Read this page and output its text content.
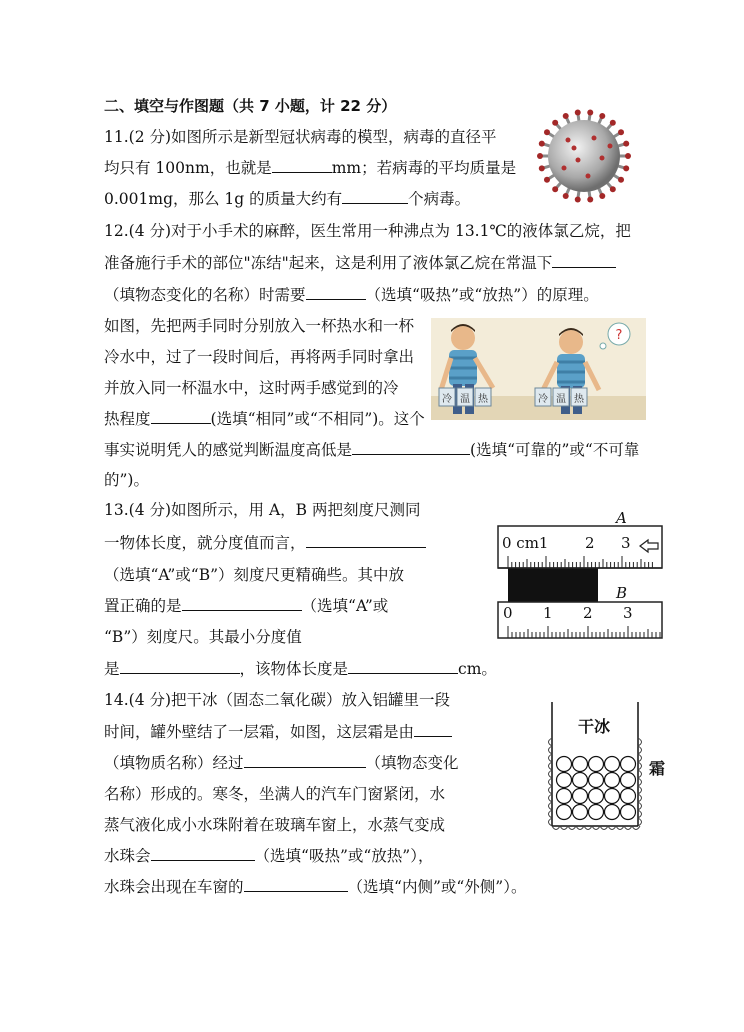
二、填空与作图题（共 7 小题，计 22 分）
11.(2 分)如图所示是新型冠状病毒的模型，病毒的直径平
均只有 100nm，也就是	mm；若病毒的平均质量是
0.001mg，那么 1g 的质量大约有	个病毒。
12.(4 分)对于小手术的麻醉，医生常用一种沸点为 13.1℃的液体氯乙烷，把
准备施行手术的部位"冻结"起来，这是利用了液体氯乙烷在常温下
（填物态变化的名称）时需要	（选填“吸热”或“放热”）的原理。
如图，先把两手同时分别放入一杯热水和一杯
冷水中，过了一段时间后，再将两手同时拿出
并放入同一杯温水中，这时两手感觉到的冷
热程度	(选填“相同”或“不相同”)。这个
事实说明凭人的感觉判断温度高低是	(选填“可靠的”或“不可靠
的”)。
冷 温 热	冷 温 热
?
13.(4 分)如图所示，用 A，B 两把刻度尺测同
一物体长度，就分度值而言，
（选填“A”或“B”）刻度尺更精确些。其中放
置正确的是	（选填“A”或
“B”）刻度尺。其最小分度值
是	，该物体长度是	cm。
A
B
0 cm1 2 3
0 1 2 3
14.(4 分)把干冰（固态二氧化碳）放入铝罐里一段
时间，罐外壁结了一层霜，如图，这层霜是由
（填物质名称）经过	（填物态变化
名称）形成的。寒冬，坐满人的汽车门窗紧闭，水
蒸气液化成小水珠附着在玻璃车窗上，水蒸气变成
水珠会	（选填“吸热”或“放热”），
水珠会出现在车窗的	（选填“内侧”或“外侧”）。
干冰
霜
